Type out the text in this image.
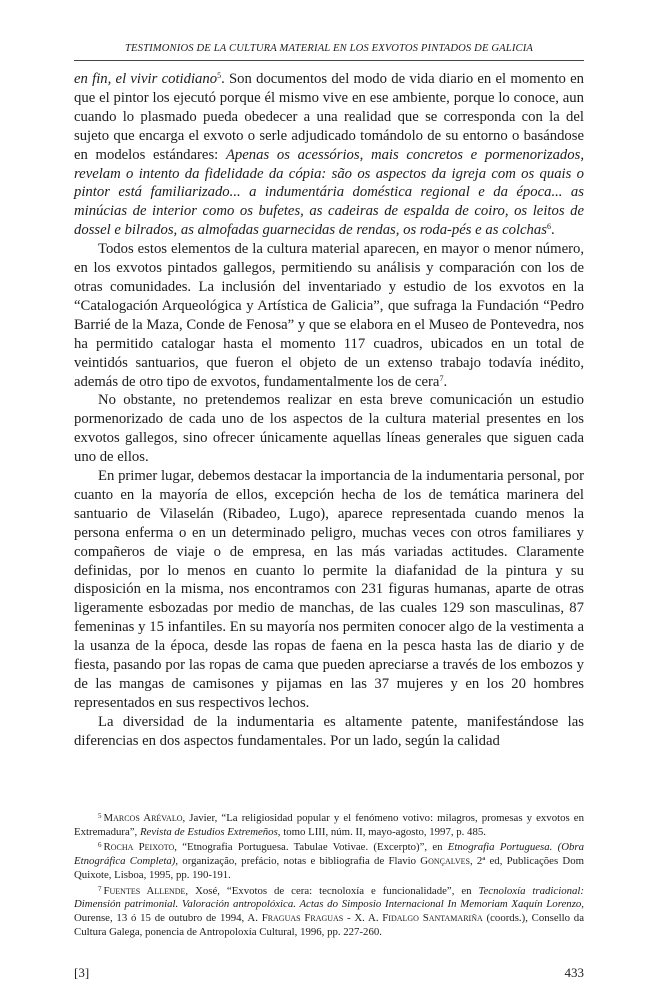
TESTIMONIOS DE LA CULTURA MATERIAL EN LOS EXVOTOS PINTADOS DE GALICIA

en fin, el vivir cotidiano$^5$. Son documentos del modo de vida diario en el momento en que el pintor los ejecutó porque él mismo vive en ese ambiente, porque lo conoce, aun cuando lo plasmado pueda obedecer a una realidad que se corresponda con la del sujeto que encarga el exvoto o serle adjudicado tomándolo de su entorno o basándose en modelos estándares: Apenas os acessórios, mais concretos e pormenorizados, revelam o intento da fidelidade da cópia: são os aspectos da igreja com os quais o pintor está familiarizado... a indumentária doméstica regional e da época... as minúcias de interior como os bufetes, as cadeiras de espalda de coiro, os leitos de dossel e bilrados, as almofadas guarnecidas de rendas, os roda-pés e as colchas$^6$.

Todos estos elementos de la cultura material aparecen, en mayor o menor número, en los exvotos pintados gallegos, permitiendo su análisis y comparación con los de otras comunidades. La inclusión del inventariado y estudio de los exvotos en la “Catalogación Arqueológica y Artística de Galicia”, que sufraga la Fundación “Pedro Barrié de la Maza, Conde de Fenosa” y que se elabora en el Museo de Pontevedra, nos ha permitido catalogar hasta el momento 117 cuadros, ubicados en un total de veintidós santuarios, que fueron el objeto de un extenso trabajo todavía inédito, además de otro tipo de exvotos, fundamentalmente los de cera$^7$.

No obstante, no pretendemos realizar en esta breve comunicación un estudio pormenorizado de cada uno de los aspectos de la cultura material presentes en los exvotos gallegos, sino ofrecer únicamente aquellas líneas generales que siguen cada uno de ellos.

En primer lugar, debemos destacar la importancia de la indumentaria personal, por cuanto en la mayoría de ellos, excepción hecha de los de temática marinera del santuario de Vilaselán (Ribadeo, Lugo), aparece representada cuando menos la persona enferma o en un determinado peligro, muchas veces con otros familiares y compañeros de viaje o de empresa, en las más variadas actitudes. Claramente definidas, por lo menos en cuanto lo permite la diafanidad de la pintura y su disposición en la misma, nos encontramos con 231 figuras humanas, aparte de otras ligeramente esbozadas por medio de manchas, de las cuales 129 son masculinas, 87 femeninas y 15 infantiles. En su mayoría nos permiten conocer algo de la vestimenta a la usanza de la época, desde las ropas de faena en la pesca hasta las de diario y de fiesta, pasando por las ropas de cama que pueden apreciarse a través de los embozos y de las mangas de camisones y pijamas en las 37 mujeres y en los 20 hombres representados en sus respectivos lechos.

La diversidad de la indumentaria es altamente patente, manifestándose las diferencias en dos aspectos fundamentales. Por un lado, según la calidad

$^5$ Marcos Arévalo, Javier, “La religiosidad popular y el fenómeno votivo: milagros, promesas y exvotos en Extremadura”, Revista de Estudios Extremeños, tomo LIII, núm. II, mayo-agosto, 1997, p. 485.

$^6$ Rocha Peixoto, “Etnografia Portuguesa. Tabulae Votivae. (Excerpto)”, en Etnografia Portuguesa. (Obra Etnográfica Completa), organização, prefácio, notas e bibliografia de Flavio Gonçalves, 2ª ed, Publicações Dom Quixote, Lisboa, 1995, pp. 190-191.

$^7$ Fuentes Allende, Xosé, “Exvotos de cera: tecnoloxía e funcionalidade”, en Tecnoloxía tradicional: Dimensión patrimonial. Valoración antropolóxica. Actas do Simposio Internacional In Memoriam Xaquín Lorenzo, Ourense, 13 ó 15 de outubro de 1994, A. Fraguas Fraguas - X. A. Fidalgo Santamariña (coords.), Consello da Cultura Galega, ponencia de Antropoloxía Cultural, 1996, pp. 227-260.

[3]	433
